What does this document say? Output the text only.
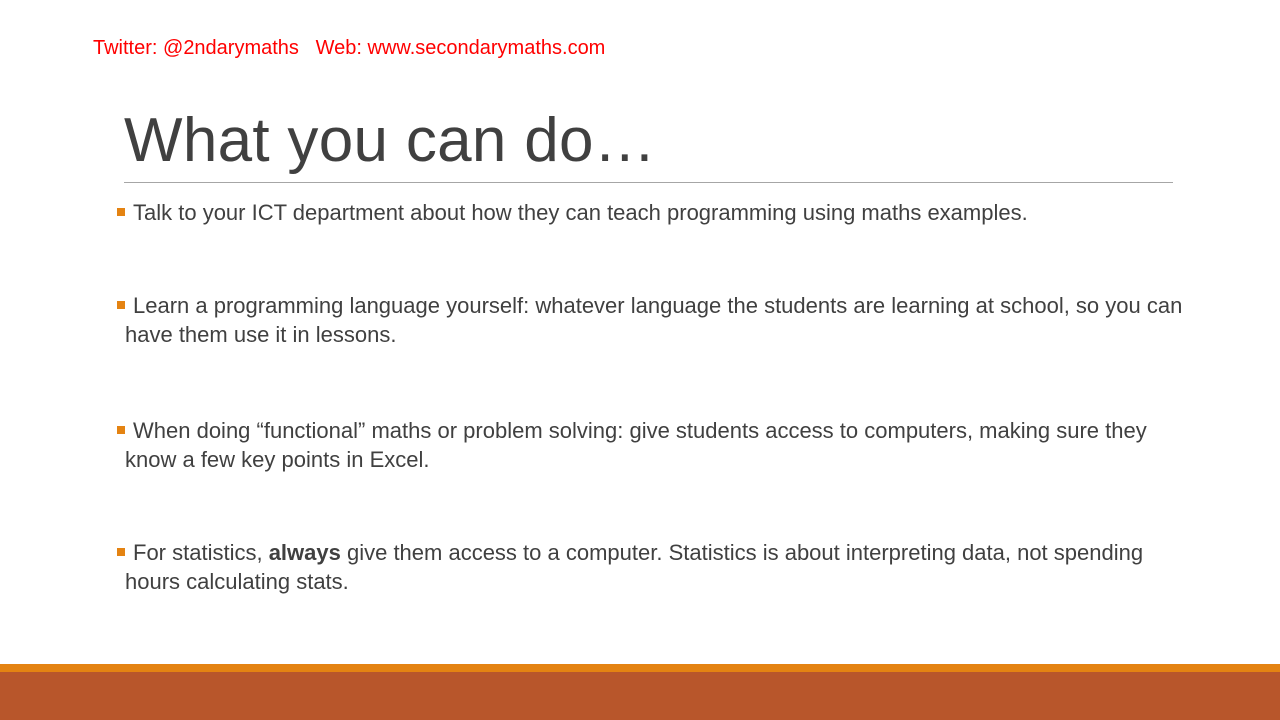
Twitter: @2ndarymaths Web: www.secondarymaths.com
What you can do…
Talk to your ICT department about how they can teach programming using maths examples.
Learn a programming language yourself: whatever language the students are learning at school, so you can have them use it in lessons.
When doing “functional” maths or problem solving: give students access to computers, making sure they know a few key points in Excel.
For statistics, always give them access to a computer. Statistics is about interpreting data, not spending hours calculating stats.
